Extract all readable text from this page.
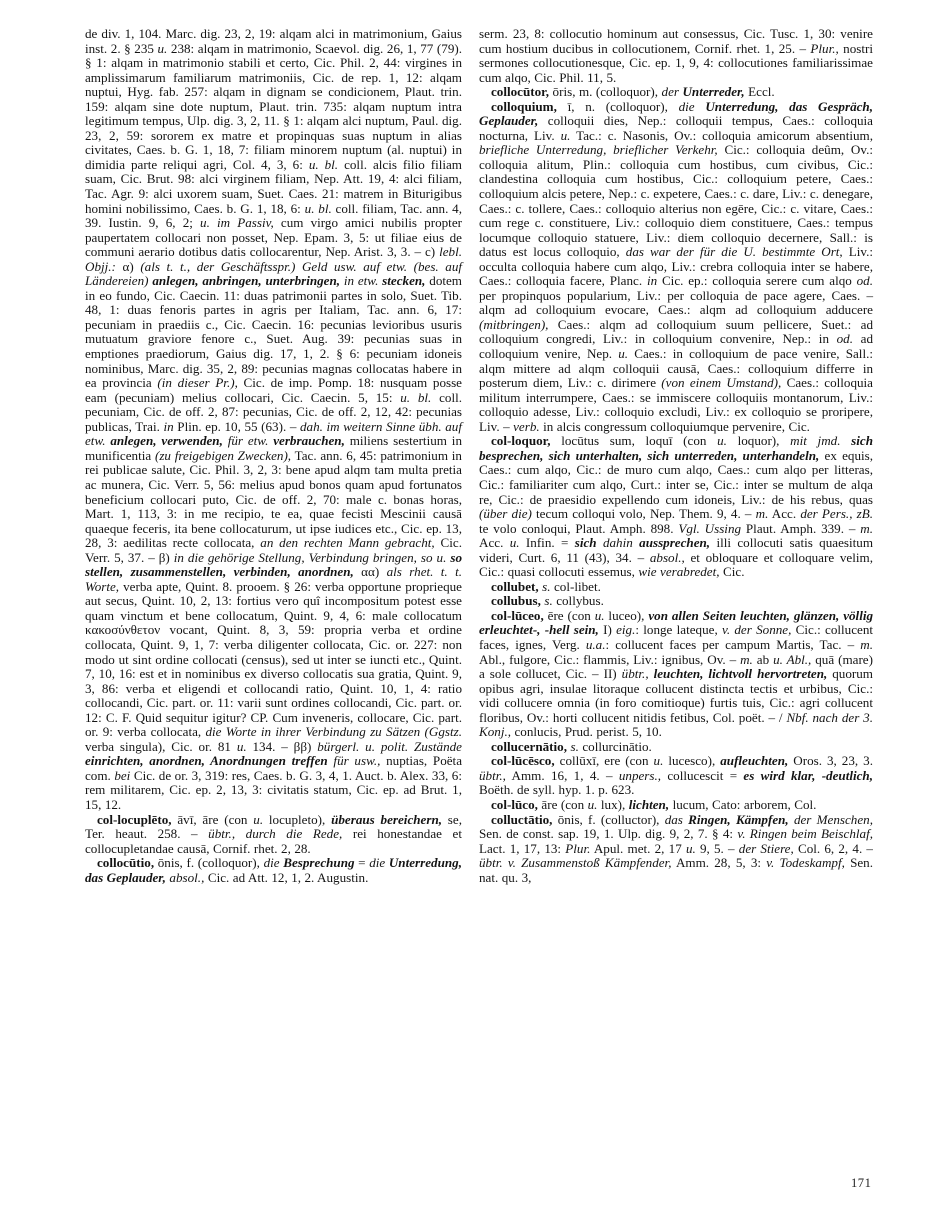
de div. 1, 104. Marc. dig. 23, 2, 19: alqam alci in matrimonium, Gaius inst. 2. § 235 u. 238: alqam in matrimonio, Scaevol. dig. 26, 1, 77 (79). § 1: alqam in matrimonio stabili et certo, Cic. Phil. 2, 44: virgines in amplissimarum familiarum matrimoniis, Cic. de rep. 1, 12: alqam nuptui, Hyg. fab. 257: alqam in dignam se condicionem, Plaut. trin. 159: alqam sine dote nuptum, Plaut. trin. 735: alqam nuptum intra legitimum tempus, Ulp. dig. 3, 2, 11. § 1: alqam alci nuptum, Paul. dig. 23, 2, 59: sororem ex matre et propinquas suas nuptum in alias civitates, Caes. b. G. 1, 18, 7: filiam minorem nuptum (al. nuptui) in dimidia parte reliqui agri, Col. 4, 3, 6: u. bl. coll. alcis filio filiam suam, Cic. Brut. 98: alci virginem filiam, Nep. Att. 19, 4: alci filiam, Tac. Agr. 9: alci uxorem suam, Suet. Caes. 21: matrem in Biturigibus homini nobilissimo, Caes. b. G. 1, 18, 6: u. bl. coll. filiam, Tac. ann. 4, 39. Iustin. 9, 6, 2; u. im Passiv, cum virgo amici nubilis propter paupertatem collocari non posset, Nep. Epam. 3, 5: ut filiae eius de communi aerario dotibus datis collocarentur, Nep. Arist. 3, 3. – c) lebl. Objj.: α) (als t. t., der Geschäftsspr.) Geld usw. auf etw. (bes. auf Ländereien) anlegen, anbringen, unterbringen, in etw. stecken, dotem in eo fundo, Cic. Caecin. 11: duas patrimonii partes in solo, Suet. Tib. 48, 1: duas fenoris partes in agris per Italiam, Tac. ann. 6, 17: pecuniam in praediis c., Cic. Caecin. 16: pecunias levioribus usuris mutuatum graviore fenore c., Suet. Aug. 39: pecunias suas in emptiones praediorum, Gaius dig. 17, 1, 2. § 6: pecuniam idoneis nominibus, Marc. dig. 35, 2, 89: pecunias magnas collocatas habere in ea provincia (in dieser Pr.), Cic. de imp. Pomp. 18: nusquam posse eam (pecuniam) melius collocari, Cic. Caecin. 5, 15: u. bl. coll. pecuniam, Cic. de off. 2, 87: pecunias, Cic. de off. 2, 12, 42: pecunias publicas, Trai. in Plin. ep. 10, 55 (63). – dah. im weitern Sinne übh. auf etw. anlegen, verwenden, für etw. verbrauchen, miliens sestertium in munificentia (zu freigebigen Zwecken), Tac. ann. 6, 45: patrimonium in rei publicae salute, Cic. Phil. 3, 2, 3: bene apud alqm tam multa pretia ac munera, Cic. Verr. 5, 56: melius apud bonos quam apud fortunatos beneficium collocari puto, Cic. de off. 2, 70: male c. bonas horas, Mart. 1, 113, 3: in me recipio, te ea, quae fecisti Mescinii causā quaeque feceris, ita bene collocaturum, ut ipse iudices etc., Cic. ep. 13, 28, 3: aedilitas recte collocata, an den rechten Mann gebracht, Cic. Verr. 5, 37. – β) in die gehörige Stellung, Verbindung bringen, so u. so stellen, zusammenstellen, verbinden, anordnen, αα) als rhet. t. t. Worte, verba apte, Quint. 8. prooem. § 26: verba opportune proprieque aut secus, Quint. 10, 2, 13: fortius vero quî incompositum potest esse quam vinctum et bene collocatum, Quint. 9, 4, 6: male collocatum κακοσύνθετον vocant, Quint. 8, 3, 59: propria verba et ordine collocata, Quint. 9, 1, 7: verba diligenter collocata, Cic. or. 227: non modo ut sint ordine collocati (census), sed ut inter se iuncti etc., Quint. 7, 10, 16: est et in nominibus ex diverso collocatis sua gratia, Quint. 9, 3, 86: verba et eligendi et collocandi ratio, Quint. 10, 1, 4: ratio collocandi, Cic. part. or. 11: varii sunt ordines collocandi, Cic. part. or. 12: C. F. Quid sequitur igitur? CP. Cum inveneris, collocare, Cic. part. or. 9: verba collocata, die Worte in ihrer Verbindung zu Sätzen (Ggstz. verba singula), Cic. or. 81 u. 134. – ββ) bürgerl. u. polit. Zustände einrichten, anordnen, Anordnungen treffen für usw., nuptias, Poëta com. bei Cic. de or. 3, 319: res, Caes. b. G. 3, 4, 1. Auct. b. Alex. 33, 6: rem militarem, Cic. ep. 2, 13, 3: civitatis statum, Cic. ep. ad Brut. 1, 15, 12.

col-locuplēto, āvī, āre (con u. locupleto), überaus bereichern, se, Ter. heaut. 258. – übtr., durch die Rede, rei honestandae et collocupletandae causā, Cornif. rhet. 2, 28.

collocūtio, ōnis, f. (colloquor), die Besprechung = die Unterredung, das Geplauder, absol., Cic. ad Att. 12, 1, 2. Augustin.

serm. 23, 8: collocutio hominum aut consessus, Cic. Tusc. 1, 30: venire cum hostium ducibus in collocutionem, Cornif. rhet. 1, 25. – Plur., nostri sermones collocutionesque, Cic. ep. 1, 9, 4: collocutiones familiarissimae cum alqo, Cic. Phil. 11, 5.

collocūtor, ōris, m. (colloquor), der Unterreder, Eccl.

colloquium, ī, n. (colloquor), die Unterredung, das Gespräch, Geplauder, colloquii dies, Nep.: colloquii tempus, Caes.: colloquia nocturna, Liv. u. Tac.: c. Nasonis, Ov.: colloquia amicorum absentium, briefliche Unterredung, brieflicher Verkehr, Cic.: colloquia deûm, Ov.: colloquia alitum, Plin.: colloquia cum hostibus, cum civibus, Cic.: clandestina colloquia cum hostibus, Cic.: colloquium petere, Caes.: colloquium alcis petere, Nep.: c. expetere, Caes.: c. dare, Liv.: c. denegare, Caes.: c. tollere, Caes.: colloquio alterius non egēre, Cic.: c. vitare, Caes.: cum rege c. constituere, Liv.: colloquio diem constituere, Caes.: tempus locumque colloquio statuere, Liv.: diem colloquio decernere, Sall.: is datus est locus colloquio, das war der für die U. bestimmte Ort, Liv.: occulta colloquia habere cum alqo, Liv.: crebra colloquia inter se habere, Caes.: colloquia facere, Planc. in Cic. ep.: colloquia serere cum alqo od. per propinquos popularium, Liv.: per colloquia de pace agere, Caes. – alqm ad colloquium evocare, Caes.: alqm ad colloquium adducere (mitbringen), Caes.: alqm ad colloquium suum pellicere, Suet.: ad colloquium congredi, Liv.: in colloquium convenire, Nep.: in od. ad colloquium venire, Nep. u. Caes.: in colloquium de pace venire, Sall.: alqm mittere ad alqm colloquii causā, Caes.: colloquium differre in posterum diem, Liv.: c. dirimere (von einem Umstand), Caes.: colloquia militum interrumpere, Caes.: se immiscere colloquiis montanorum, Liv.: colloquio adesse, Liv.: colloquio excludi, Liv.: ex colloquio se proripere, Liv. – verb. in alcis congressum colloquiumque pervenire, Cic.

col-loquor, locūtus sum, loquī (con u. loquor), mit jmd. sich besprechen, sich unterhalten, sich unterreden, unterhandeln, ex equis, Caes.: cum alqo, Cic.: de muro cum alqo, Caes.: cum alqo per litteras, Cic.: familiariter cum alqo, Curt.: inter se, Cic.: inter se multum de alqa re, Cic.: de praesidio expellendo cum idoneis, Liv.: de his rebus, quas (über die) tecum colloqui volo, Nep. Them. 9, 4. – m. Acc. der Pers., zB. te volo conloqui, Plaut. Amph. 898. Vgl. Ussing Plaut. Amph. 339. – m. Acc. u. Infin. = sich dahin aussprechen, illi collocuti satis quaesitum videri, Curt. 6, 11 (43), 34. – absol., et obloquare et colloquare velim, Cic.: quasi collocuti essemus, wie verabredet, Cic.

collubet, s. col-libet.

collubus, s. collybus.

col-lūceo, ēre (con u. luceo), von allen Seiten leuchten, glänzen, völlig erleuchtet-, -hell sein, I) eig.: longe lateque, v. der Sonne, Cic.: collucent faces, ignes, Verg. u.a.: collucent faces per campum Martis, Tac. – m. Abl., fulgore, Cic.: flammis, Liv.: ignibus, Ov. – m. ab u. Abl., quā (mare) a sole collucet, Cic. – II) übtr., leuchten, lichtvoll hervortreten, quorum opibus agri, insulae litoraque collucent distincta tectis et urbibus, Cic.: vidi collucere omnia (in foro comitioque) furtis tuis, Cic.: agri collucent floribus, Ov.: horti collucent nitidis fetibus, Col. poët. – / Nbf. nach der 3. Konj., conlucis, Prud. perist. 5, 10.

collucernātio, s. collurcinātio.

col-lūcēsco, collūxī, ere (con u. lucesco), aufleuchten, Oros. 3, 23, 3. übtr., Amm. 16, 1, 4. – unpers., collucescit = es wird klar, -deutlich, Boëth. de syll. hyp. 1. p. 623.

col-lūco, āre (con u. lux), lichten, lucum, Cato: arborem, Col.

colluctātio, ōnis, f. (colluctor), das Ringen, Kämpfen, der Menschen, Sen. de const. sap. 19, 1. Ulp. dig. 9, 2, 7. § 4: v. Ringen beim Beischlaf, Lact. 1, 17, 13: Plur. Apul. met. 2, 17 u. 9, 5. – der Stiere, Col. 6, 2, 4. – übtr. v. Zusammenstoß Kämpfender, Amm. 28, 5, 3: v. Todeskampf, Sen. nat. qu. 3,

171
